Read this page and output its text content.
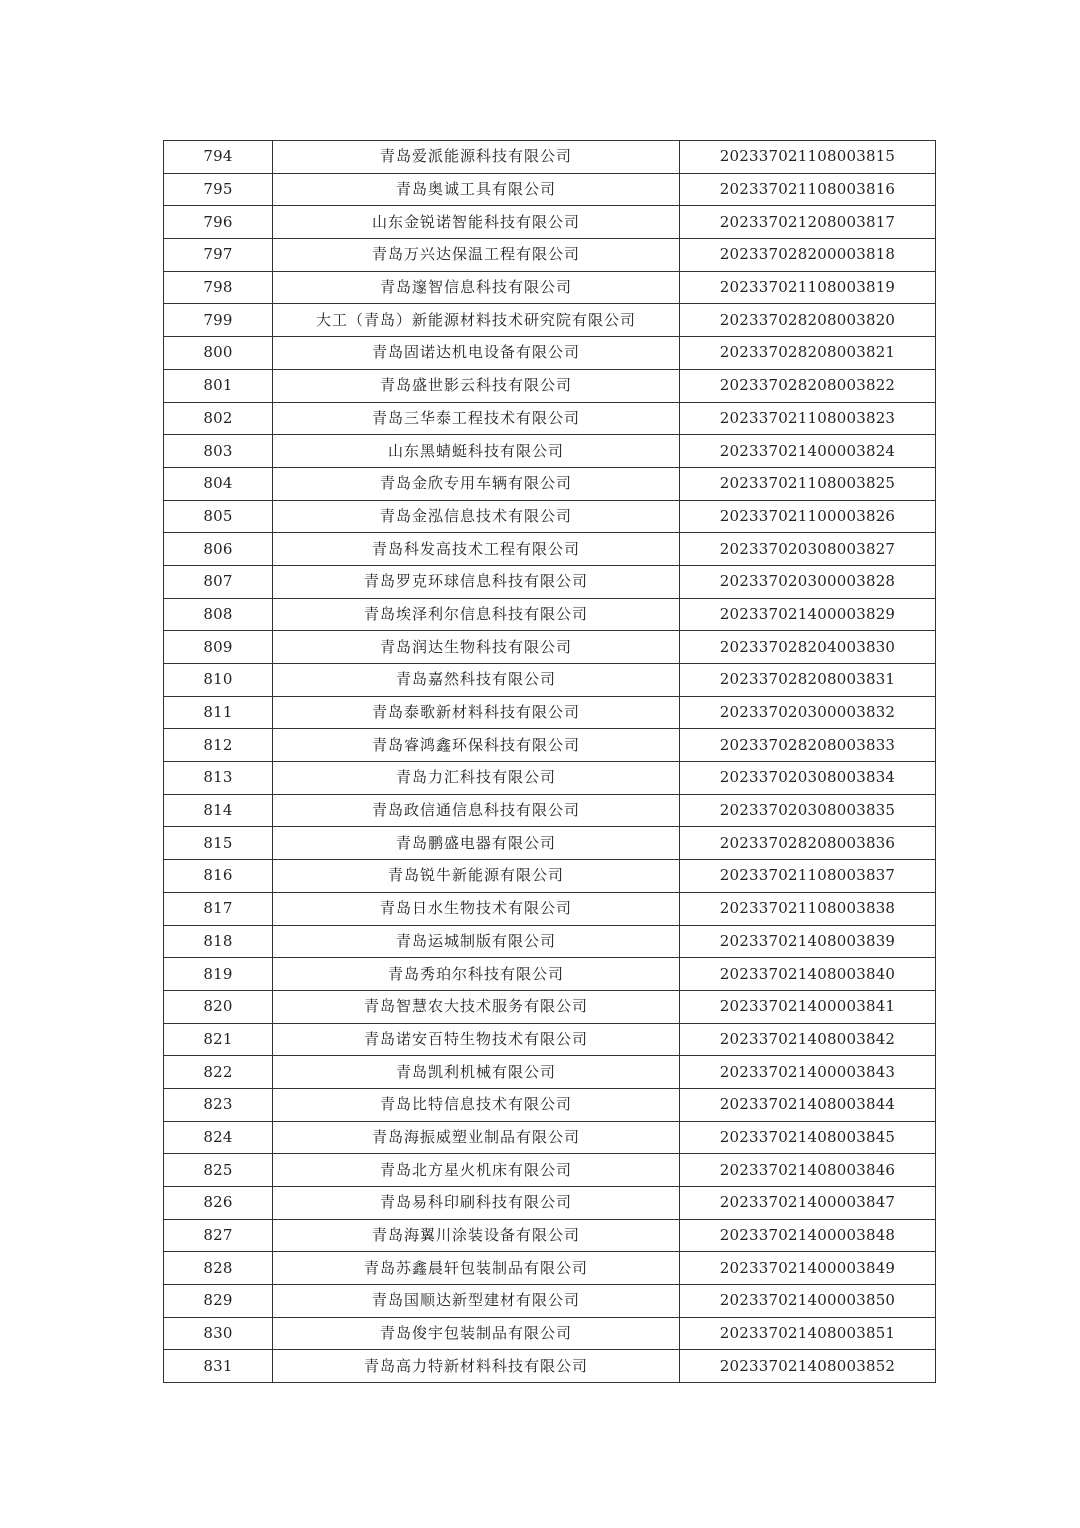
794	青岛爱派能源科技有限公司	202337021108003815
795	青岛奥诚工具有限公司	202337021108003816
796	山东金锐诺智能科技有限公司	202337021208003817
797	青岛万兴达保温工程有限公司	202337028200003818
798	青岛邃智信息科技有限公司	202337021108003819
799	大工（青岛）新能源材料技术研究院有限公司	202337028208003820
800	青岛固诺达机电设备有限公司	202337028208003821
801	青岛盛世影云科技有限公司	202337028208003822
802	青岛三华泰工程技术有限公司	202337021108003823
803	山东黑蜻蜓科技有限公司	202337021400003824
804	青岛金欣专用车辆有限公司	202337021108003825
805	青岛金泓信息技术有限公司	202337021100003826
806	青岛科发高技术工程有限公司	202337020308003827
807	青岛罗克环球信息科技有限公司	202337020300003828
808	青岛埃泽利尔信息科技有限公司	202337021400003829
809	青岛润达生物科技有限公司	202337028204003830
810	青岛嘉然科技有限公司	202337028208003831
811	青岛泰歌新材料科技有限公司	202337020300003832
812	青岛睿鸿鑫环保科技有限公司	202337028208003833
813	青岛力汇科技有限公司	202337020308003834
814	青岛政信通信息科技有限公司	202337020308003835
815	青岛鹏盛电器有限公司	202337028208003836
816	青岛锐牛新能源有限公司	202337021108003837
817	青岛日水生物技术有限公司	202337021108003838
818	青岛运城制版有限公司	202337021408003839
819	青岛秀珀尔科技有限公司	202337021408003840
820	青岛智慧农大技术服务有限公司	202337021400003841
821	青岛诺安百特生物技术有限公司	202337021408003842
822	青岛凯利机械有限公司	202337021400003843
823	青岛比特信息技术有限公司	202337021408003844
824	青岛海振威塑业制品有限公司	202337021408003845
825	青岛北方星火机床有限公司	202337021408003846
826	青岛易科印刷科技有限公司	202337021400003847
827	青岛海翼川涂装设备有限公司	202337021400003848
828	青岛苏鑫晨轩包装制品有限公司	202337021400003849
829	青岛国顺达新型建材有限公司	202337021400003850
830	青岛俊宇包装制品有限公司	202337021408003851
831	青岛高力特新材料科技有限公司	202337021408003852
